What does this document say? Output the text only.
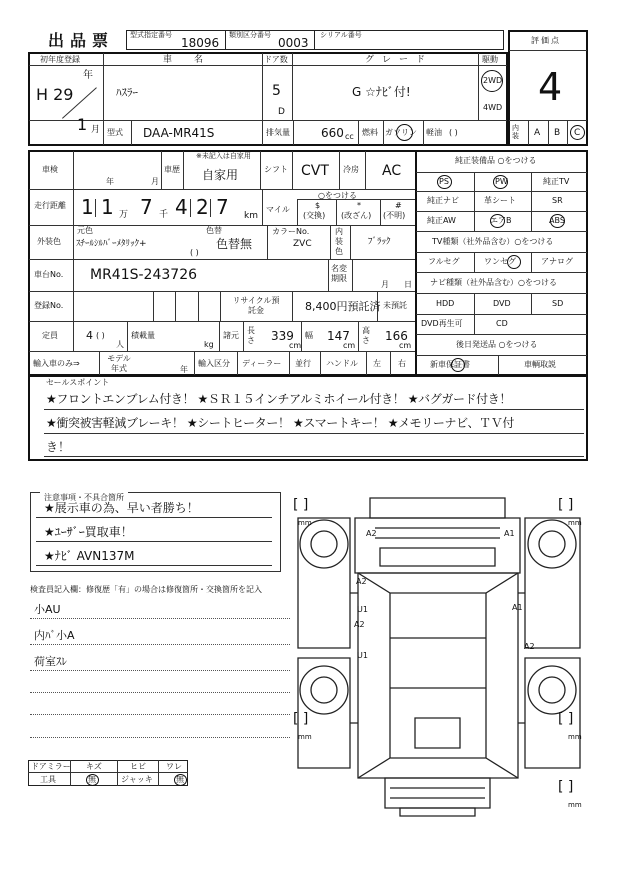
出品票 型式指定番号
18096
類別区分番号
0003
シリアル番号
初年度登録
年
H 29
1 月
車名
ﾊｽﾗｰ
ドア数
5
D
グレード
G ☆ﾅﾋﾞ付!
駆動
2WD
4WD
型式 DAA-MR41S	排気量	660 cc 燃料 ガソリン 軽油 ( )
評価点
4
内装	A B C
車検
年	月
※未記入は自家用
車歴 自家用	シフト CVT 冷房 AC
走行距離 1 1 万 7 千 4 2 7 km
マイル
○をつける
$
(交換)
*
(改ざん)
#
(不明)
外装色
元色
ｽﾁｰﾙｼﾙﾊﾞｰﾒﾀﾘｯｸ+
色替
色替無
( )
カラーNo.
ZVC
内装色
ﾌﾞﾗｯｸ
車台No. MR41S-243726	名変期限
月 日
登録No.
リサイクル預託金	8,400円預託済 未預託
定員	4 ( )
人
積載量
kg
諸元
長さ 339
cm
幅 147
cm
高さ 166
cm
輸入車のみ⇒
モデル年式	年
輸入区分 ディーラー 並行 ハンドル 左 右
純正装備品 ○をつける
PS	PW	純正TV
純正ナビ	革シート	SR
純正AW	エアB	ABS
TV種類（社外品含む）○をつける
フルセグ	ワンセグ	アナログ
ナビ種類（社外品含む）○をつける
HDD	DVD	SD
DVD再生可	CD
後日発送品 ○をつける
新車保証書	車輌取説
セールスポイント
★フロントエンブレム付き！ ★ＳＲ１５インチアルミホイール付き！ ★バグガード付き！
★衝突被害軽減ブレーキ！ ★シートヒーター！ ★スマートキー！ ★メモリーナビ、ＴＶ付
き！
注意事項・不具合箇所
★展示車の為、早い者勝ち！
★ﾕｰｻﾞｰ買取車！
★ﾅﾋﾞ AVN137M
検査員記入欄：修復歴「有」の場合は修復箇所・交換箇所を記入
小AU
内ﾊﾞ小A
荷室ｽﾚ
ドアミラー キズ	ヒビ	ワレ
工具	無	ジャッキ	無
A2	A1
A2
U1
A2
A1
U1
A2
[ ]
mm
[ ]
mm
[ ]
mm
[ ]
mm
[ ]
mm
